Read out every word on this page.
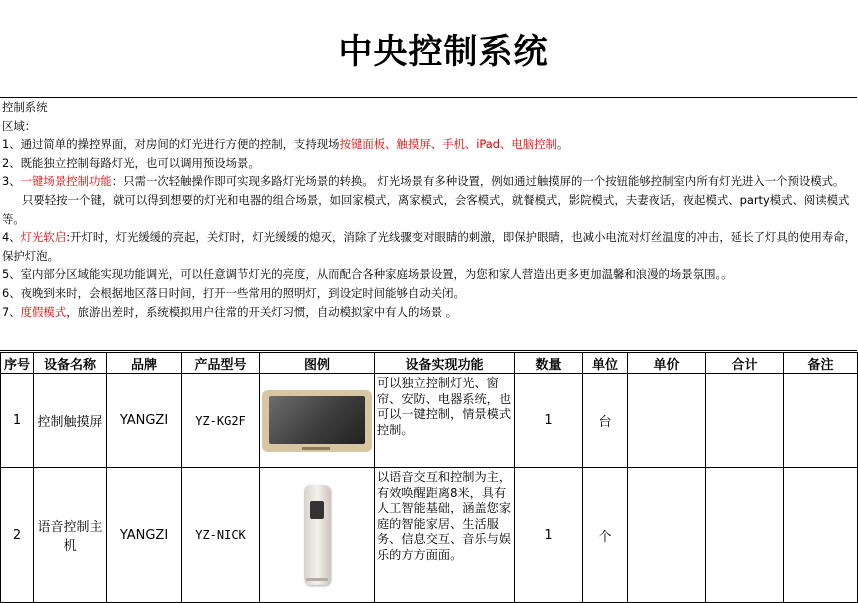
中央控制系统

控制系统

区域：

1、通过简单的操控界面，对房间的灯光进行方便的控制，支持现场按键面板、触摸屏、手机、iPad、电脑控制。

2、既能独立控制每路灯光，也可以调用预设场景。

3、一键场景控制功能：只需一次轻触操作即可实现多路灯光场景的转换。 灯光场景有多种设置，例如通过触摸屏的一个按钮能够控制室内所有灯光进入一个预设模式。

只要轻按一个键，就可以得到想要的灯光和电器的组合场景，如回家模式，离家模式，会客模式，就餐模式，影院模式，夫妻夜话，夜起模式、party模式、阅读模式等。

4、灯光软启:开灯时，灯光缓缓的亮起，关灯时，灯光缓缓的熄灭，消除了光线骤变对眼睛的刺激，即保护眼睛，也减小电流对灯丝温度的冲击，延长了灯具的使用寿命，保护灯泡。

5、室内部分区域能实现功能调光，可以任意调节灯光的亮度，从而配合各种家庭场景设置，为您和家人营造出更多更加温馨和浪漫的场景氛围。。

6、夜晚到来时，会根据地区落日时间，打开一些常用的照明灯，到设定时间能够自动关闭。

7、度假模式，旅游出差时，系统模拟用户往常的开关灯习惯，自动模拟家中有人的场景 。

序号	设备名称	品牌	产品型号	图例	设备实现功能	数量	单位	单价	合计	备注
1	控制触摸屏	YANGZI	YZ-KG2F		可以独立控制灯光、窗帘、安防、电器系统，也可以一键控制，情景模式控制。	1	台			
2	语音控制主机	YANGZI	YZ-NICK		以语音交互和控制为主，有效唤醒距离8米，具有人工智能基础，涵盖您家庭的智能家居、生活服务、信息交互、音乐与娱乐的方方面面。	1	个			
